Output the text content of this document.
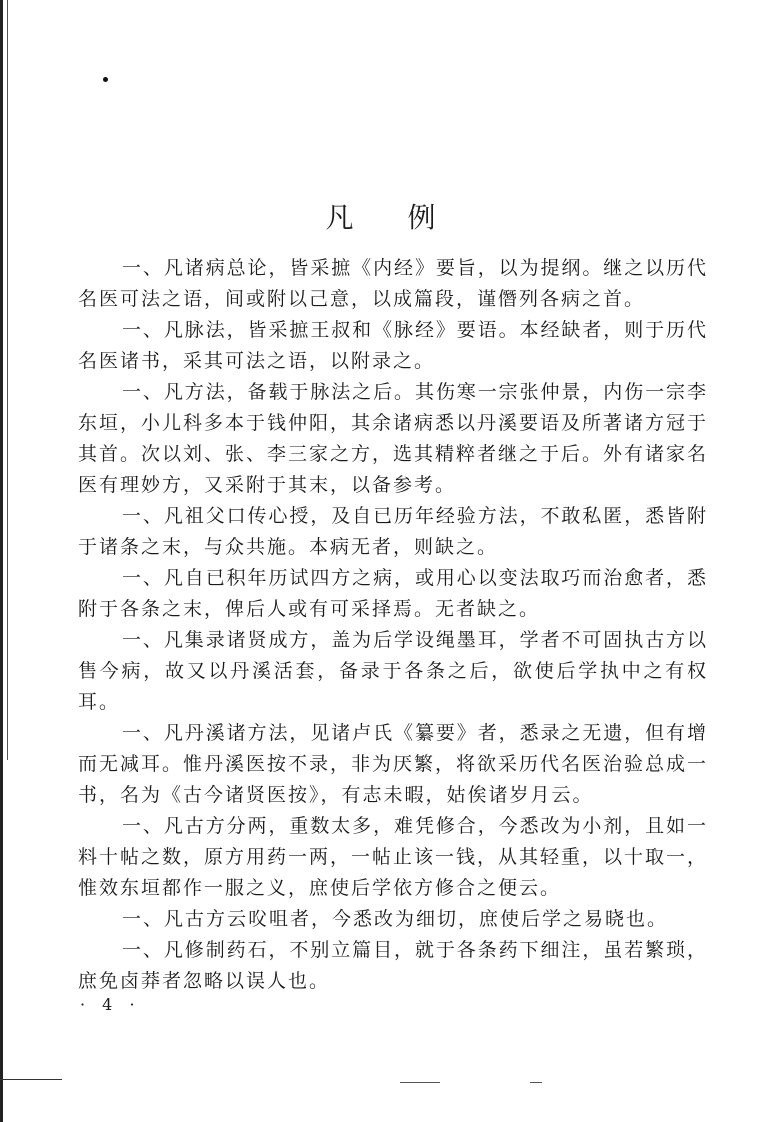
凡 例
一、凡诸病总论，皆采摭《内经》要旨，以为提纲。继之以历代
名医可法之语，间或附以己意，以成篇段，谨僭列各病之首。
一、凡脉法，皆采摭王叔和《脉经》要语。本经缺者，则于历代
名医诸书，采其可法之语，以附录之。
一、凡方法，备载于脉法之后。其伤寒一宗张仲景，内伤一宗李
东垣，小儿科多本于钱仲阳，其余诸病悉以丹溪要语及所著诸方冠于
其首。次以刘、张、李三家之方，选其精粹者继之于后。外有诸家名
医有理妙方，又采附于其末，以备参考。
一、凡祖父口传心授，及自已历年经验方法，不敢私匿，悉皆附
于诸条之末，与众共施。本病无者，则缺之。
一、凡自已积年历试四方之病，或用心以变法取巧而治愈者，悉
附于各条之末，俾后人或有可采择焉。无者缺之。
一、凡集录诸贤成方，盖为后学设绳墨耳，学者不可固执古方以
售今病，故又以丹溪活套，备录于各条之后，欲使后学执中之有权
耳。
一、凡丹溪诸方法，见诸卢氏《纂要》者，悉录之无遗，但有增
而无减耳。惟丹溪医按不录，非为厌繁，将欲采历代名医治验总成一
书，名为《古今诸贤医按》，有志未暇，姑俟诸岁月云。
一、凡古方分两，重数太多，难凭修合，今悉改为小剂，且如一
料十帖之数，原方用药一两，一帖止该一钱，从其轻重，以十取一，
惟效东垣都作一服之义，庶使后学依方修合之便云。
一、凡古方云㕮咀者，今悉改为细切，庶使后学之易晓也。
一、凡修制药石，不别立篇目，就于各条药下细注，虽若繁琐，
庶免卤莽者忽略以误人也。
· 4 ·
